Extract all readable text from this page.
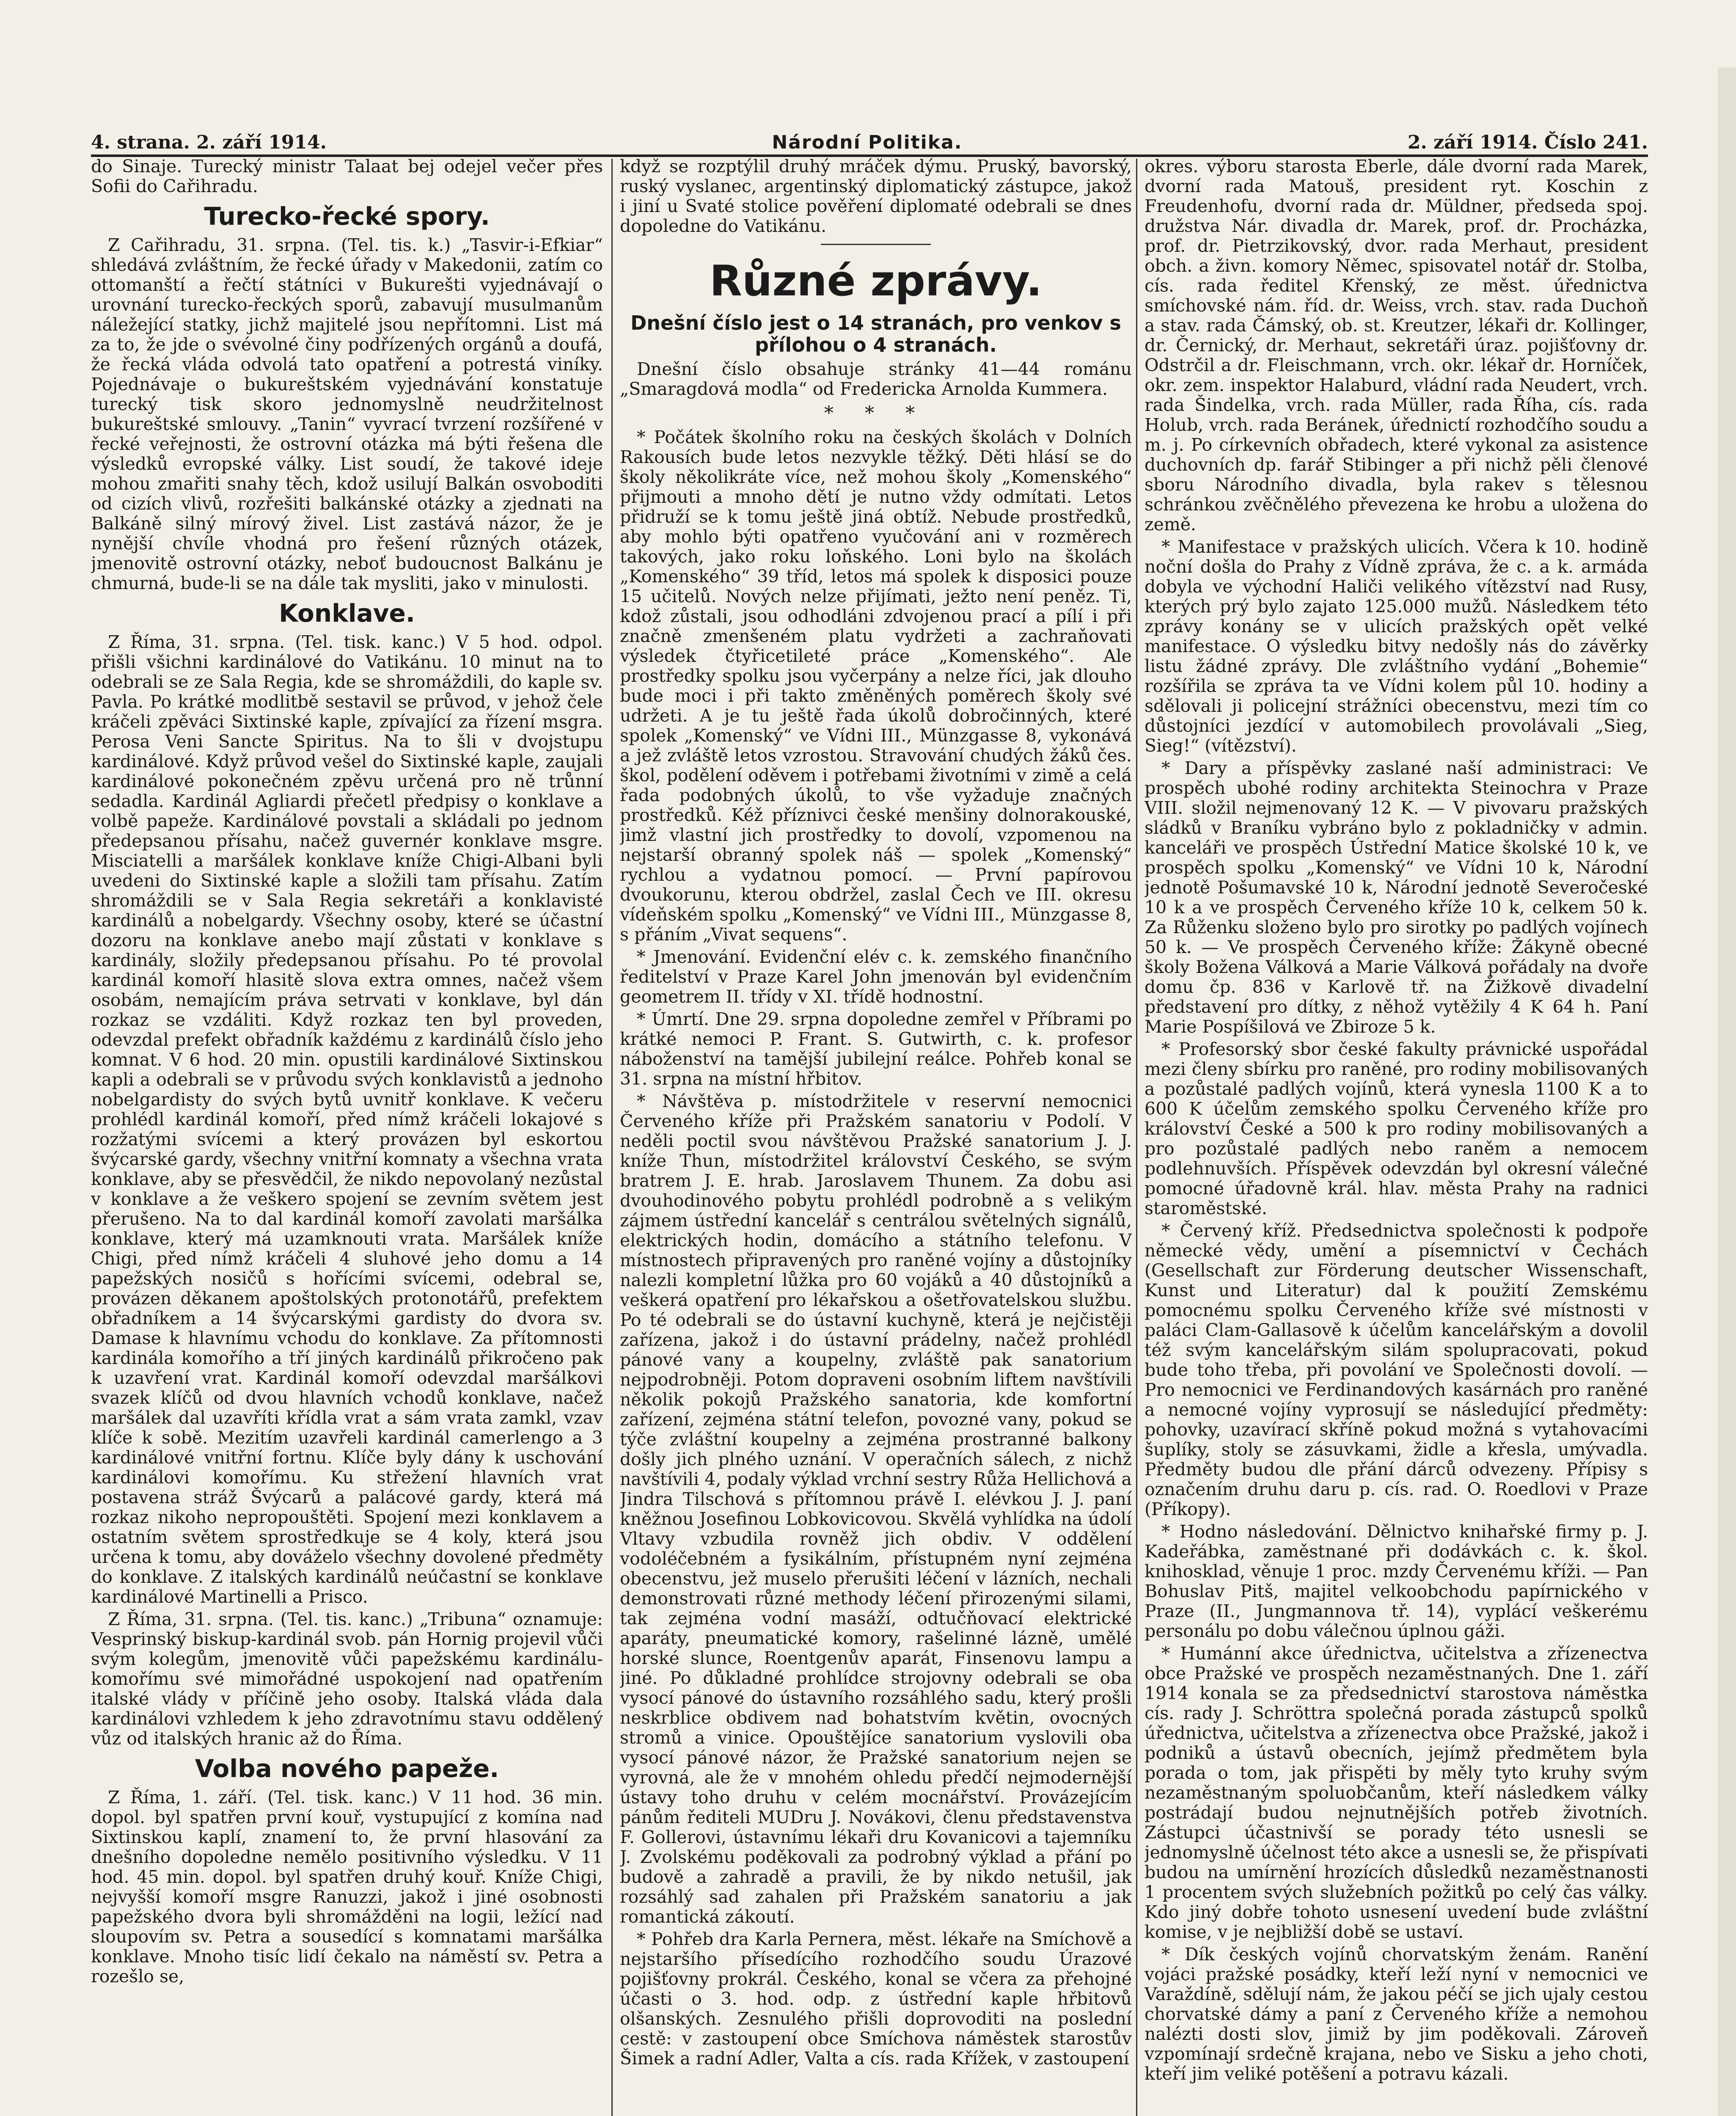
4. strana. 2. září 1914.	Národní Politika.	2. září 1914. Číslo 241.

do Sinaje. Turecký ministr Talaat bej odejel večer přes Sofii do Cařihradu.

Turecko-řecké spory.

Z Cařihradu, 31. srpna. (Tel. tis. k.) „Tasvir-i-Efkiar“ shledává zvláštním, že řecké úřady v Makedonii, zatím co ottomanští a řečtí státníci v Bukurešti vyjednávají o urovnání turecko-řeckých sporů, zabavují musulmanům náležející statky, jichž majitelé jsou nepřítomni. List má za to, že jde o svévolné činy podřízených orgánů a doufá, že řecká vláda odvolá tato opatření a potrestá viníky. Pojednávaje o bukureštském vyjednávání konstatuje turecký tisk skoro jednomyslně neudržitelnost bukureštské smlouvy. „Tanin“ vyvrací tvrzení rozšířené v řecké veřejnosti, že ostrovní otázka má býti řešena dle výsledků evropské války. List soudí, že takové ideje mohou zmařiti snahy těch, kdož usilují Balkán osvoboditi od cizích vlivů, rozřešiti balkánské otázky a zjednati na Balkáně silný mírový živel. List zastává názor, že je nynější chvíle vhodná pro řešení různých otázek, jmenovitě ostrovní otázky, neboť budoucnost Balkánu je chmurná, bude-li se na dále tak mysliti, jako v minulosti.

Konklave.

Z Říma, 31. srpna. (Tel. tisk. kanc.) V 5 hod. odpol. přišli všichni kardinálové do Vatikánu. 10 minut na to odebrali se ze Sala Regia, kde se shromáždili, do kaple sv. Pavla. Po krátké modlitbě sestavil se průvod, v jehož čele kráčeli zpěváci Sixtinské kaple, zpívající za řízení msgra. Perosa Veni Sancte Spiritus. Na to šli v dvojstupu kardinálové. Když průvod vešel do Sixtinské kaple, zaujali kardinálové pokonečném zpěvu určená pro ně trůnní sedadla. Kardinál Agliardi přečetl předpisy o konklave a volbě papeže. Kardinálové povstali a skládali po jednom předepsanou přísahu, načež guvernér konklave msgre. Misciatelli a maršálek konklave kníže Chigi-Albani byli uvedeni do Sixtinské kaple a složili tam přísahu. Zatím shromáždili se v Sala Regia sekretáři a konklavisté kardinálů a nobelgardy. Všechny osoby, které se účastní dozoru na konklave anebo mají zůstati v konklave s kardinály, složily předepsanou přísahu. Po té provolal kardinál komoří hlasitě slova extra omnes, načež všem osobám, nemajícím práva setrvati v konklave, byl dán rozkaz se vzdáliti. Když rozkaz ten byl proveden, odevzdal prefekt obřadník každému z kardinálů číslo jeho komnat. V 6 hod. 20 min. opustili kardinálové Sixtinskou kapli a odebrali se v průvodu svých konklavistů a jednoho nobelgardisty do svých bytů uvnitř konklave. K večeru prohlédl kardinál komoří, před nímž kráčeli lokajové s rozžatými svícemi a který provázen byl eskortou švýcarské gardy, všechny vnitřní komnaty a všechna vrata konklave, aby se přesvědčil, že nikdo nepovolaný nezůstal v konklave a že veškero spojení se zevním světem jest přerušeno. Na to dal kardinál komoří zavolati maršálka konklave, který má uzamknouti vrata. Maršálek kníže Chigi, před nímž kráčeli 4 sluhové jeho domu a 14 papežských nosičů s hořícími svícemi, odebral se, provázen děkanem apoštolských protonotářů, prefektem obřadníkem a 14 švýcarskými gardisty do dvora sv. Damase k hlavnímu vchodu do konklave. Za přítomnosti kardinála komořího a tří jiných kardinálů přikročeno pak k uzavření vrat. Kardinál komoří odevzdal maršálkovi svazek klíčů od dvou hlavních vchodů konklave, načež maršálek dal uzavříti křídla vrat a sám vrata zamkl, vzav klíče k sobě. Mezitím uzavřeli kardinál camerlengo a 3 kardinálové vnitřní fortnu. Klíče byly dány k uschování kardinálovi komořímu. Ku střežení hlavních vrat postavena stráž Švýcarů a palácové gardy, která má rozkaz nikoho nepropouštěti. Spojení mezi konklavem a ostatním světem sprostředkuje se 4 koly, která jsou určena k tomu, aby dováželo všechny dovolené předměty do konklave. Z italských kardinálů neúčastní se konklave kardinálové Martinelli a Prisco.

Z Říma, 31. srpna. (Tel. tis. kanc.) „Tribuna“ oznamuje: Vesprinský biskup-kardinál svob. pán Hornig projevil vůči svým kolegům, jmenovitě vůči papežskému kardinálu-komořímu své mimořádné uspokojení nad opatřením italské vlády v příčině jeho osoby. Italská vláda dala kardinálovi vzhledem k jeho zdravotnímu stavu oddělený vůz od italských hranic až do Říma.

Volba nového papeže.

Z Říma, 1. září. (Tel. tisk. kanc.) V 11 hod. 36 min. dopol. byl spatřen první kouř, vystupující z komína nad Sixtinskou kaplí, znamení to, že první hlasování za dnešního dopoledne nemělo positivního výsledku. V 11 hod. 45 min. dopol. byl spatřen druhý kouř. Kníže Chigi, nejvyšší komoří msgre Ranuzzi, jakož i jiné osobnosti papežského dvora byli shromážděni na logii, ležící nad sloupovím sv. Petra a sousedící s komnatami maršálka konklave. Mnoho tisíc lidí čekalo na náměstí sv. Petra a rozešlo se,

když se rozptýlil druhý mráček dýmu. Pruský, bavorský, ruský vyslanec, argentinský diplomatický zástupce, jakož i jiní u Svaté stolice pověření diplomaté odebrali se dnes dopoledne do Vatikánu.

Různé zprávy.
Dnešní číslo jest o 14 stranách, pro venkov s přílohou o 4 stranách.

Dnešní číslo obsahuje stránky 41—44 románu „Smaragdová modla“ od Fredericka Arnolda Kummera.

* * *

* Počátek školního roku na českých školách v Dolních Rakousích bude letos nezvykle těžký. Děti hlásí se do školy několikráte více, než mohou školy „Komenského“ přijmouti a mnoho dětí je nutno vždy odmítati. Letos přidruží se k tomu ještě jiná obtíž. Nebude prostředků, aby mohlo býti opatřeno vyučování ani v rozměrech takových, jako roku loňského. Loni bylo na školách „Komenského“ 39 tříd, letos má spolek k disposici pouze 15 učitelů. Nových nelze přijímati, ježto není peněz. Ti, kdož zůstali, jsou odhodláni zdvojenou prací a pílí i při značně zmenšeném platu vydržeti a zachraňovati výsledek čtyřicetileté práce „Komenského“. Ale prostředky spolku jsou vyčerpány a nelze říci, jak dlouho bude moci i při takto změněných poměrech školy své udržeti. A je tu ještě řada úkolů dobročinných, které spolek „Komenský“ ve Vídni III., Münzgasse 8, vykonává a jež zvláště letos vzrostou. Stravování chudých žáků čes. škol, podělení oděvem i potřebami životními v zimě a celá řada podobných úkolů, to vše vyžaduje značných prostředků. Kéž příznivci české menšiny dolnorakouské, jimž vlastní jich prostředky to dovolí, vzpomenou na nejstarší obranný spolek náš — spolek „Komenský“ rychlou a vydatnou pomocí. — První papírovou dvoukorunu, kterou obdržel, zaslal Čech ve III. okresu vídeňském spolku „Komenský“ ve Vídni III., Münzgasse 8, s přáním „Vivat sequens“.

* Jmenování. Evidenční elév c. k. zemského finančního ředitelství v Praze Karel John jmenován byl evidenčním geometrem II. třídy v XI. třídě hodnostní.

* Úmrtí. Dne 29. srpna dopoledne zemřel v Příbrami po krátké nemoci P. Frant. S. Gutwirth, c. k. profesor náboženství na tamější jubilejní reálce. Pohřeb konal se 31. srpna na místní hřbitov.

* Návštěva p. místodržitele v reservní nemocnici Červeného kříže při Pražském sanatoriu v Podolí. V neděli poctil svou návštěvou Pražské sanatorium J. J. kníže Thun, místodržitel království Českého, se svým bratrem J. E. hrab. Jaroslavem Thunem. Za dobu asi dvouhodinového pobytu prohlédl podrobně a s velikým zájmem ústřední kancelář s centrálou světelných signálů, elektrických hodin, domácího a státního telefonu. V místnostech připravených pro raněné vojíny a důstojníky nalezli kompletní lůžka pro 60 vojáků a 40 důstojníků a veškerá opatření pro lékařskou a ošetřovatelskou službu. Po té odebrali se do ústavní kuchyně, která je nejčistěji zařízena, jakož i do ústavní prádelny, načež prohlédl pánové vany a koupelny, zvláště pak sanatorium nejpodrobněji. Potom dopraveni osobním liftem navštívili několik pokojů Pražského sanatoria, kde komfortní zařízení, zejména státní telefon, povozné vany, pokud se týče zvláštní koupelny a zejména prostranné balkony došly jich plného uznání. V operačních sálech, z nichž navštívili 4, podaly výklad vrchní sestry Růža Hellichová a Jindra Tilschová s přítomnou právě I. elévkou J. J. paní kněžnou Josefinou Lobkovicovou. Skvělá vyhlídka na údolí Vltavy vzbudila rovněž jich obdiv. V oddělení vodoléčebném a fysikálním, přístupném nyní zejména obecenstvu, jež muselo přerušiti léčení v lázních, nechali demonstrovati různé methody léčení přirozenými silami, tak zejména vodní masáží, odtučňovací elektrické aparáty, pneumatické komory, rašelinné lázně, umělé horské slunce, Roentgenův aparát, Finsenovu lampu a jiné. Po důkladné prohlídce strojovny odebrali se oba vysocí pánové do ústavního rozsáhlého sadu, který prošli neskrblice obdivem nad bohatstvím květin, ovocných stromů a vinice. Opouštějíce sanatorium vyslovili oba vysocí pánové názor, že Pražské sanatorium nejen se vyrovná, ale že v mnohém ohledu předčí nejmodernější ústavy toho druhu v celém mocnářství. Provázejícím pánům řediteli MUDru J. Novákovi, členu představenstva F. Gollerovi, ústavnímu lékaři dru Kovanicovi a tajemníku J. Zvolskému poděkovali za podrobný výklad a přání po budově a zahradě a pravili, že by nikdo netušil, jak rozsáhlý sad zahalen při Pražském sanatoriu a jak romantická zákoutí.

* Pohřeb dra Karla Pernera, měst. lékaře na Smíchově a nejstaršího přísedícího rozhodčího soudu Úrazové pojišťovny prokrál. Českého, konal se včera za přehojné účasti o 3. hod. odp. z ústřední kaple hřbitovů olšanských. Zesnulého přišli doprovoditi na poslední cestě: v zastoupení obce Smíchova náměstek starostův Šimek a radní Adler, Valta a cís. rada Křížek, v zastoupení

okres. výboru starosta Eberle, dále dvorní rada Marek, dvorní rada Matouš, president ryt. Koschin z Freudenhofu, dvorní rada dr. Müldner, předseda spoj. družstva Nár. divadla dr. Marek, prof. dr. Procházka, prof. dr. Pietrzikovský, dvor. rada Merhaut, president obch. a živn. komory Němec, spisovatel notář dr. Stolba, cís. rada ředitel Křenský, ze měst. úřednictva smíchovské nám. říd. dr. Weiss, vrch. stav. rada Duchoň a stav. rada Čámský, ob. st. Kreutzer, lékaři dr. Kollinger, dr. Černický, dr. Merhaut, sekretáři úraz. pojišťovny dr. Odstrčil a dr. Fleischmann, vrch. okr. lékař dr. Horníček, okr. zem. inspektor Halaburd, vládní rada Neudert, vrch. rada Šindelka, vrch. rada Müller, rada Říha, cís. rada Holub, vrch. rada Beránek, úřednictí rozhodčího soudu a m. j. Po církevních obřadech, které vykonal za asistence duchovních dp. farář Stibinger a při nichž pěli členové sboru Národního divadla, byla rakev s tělesnou schránkou zvěčnělého převezena ke hrobu a uložena do země.

* Manifestace v pražských ulicích. Včera k 10. hodině noční došla do Prahy z Vídně zpráva, že c. a k. armáda dobyla ve východní Haliči velikého vítězství nad Rusy, kterých prý bylo zajato 125.000 mužů. Následkem této zprávy konány se v ulicích pražských opět velké manifestace. O výsledku bitvy nedošly nás do závěrky listu žádné zprávy. Dle zvláštního vydání „Bohemie“ rozšířila se zpráva ta ve Vídni kolem půl 10. hodiny a sdělovali ji policejní strážníci obecenstvu, mezi tím co důstojníci jezdící v automobilech provolávali „Sieg, Sieg!“ (vítězství).

* Dary a příspěvky zaslané naší administraci: Ve prospěch ubohé rodiny architekta Steinochra v Praze VIII. složil nejmenovaný 12 K. — V pivovaru pražských sládků v Braníku vybráno bylo z pokladničky v admin. kanceláři ve prospěch Ústřední Matice školské 10 k, ve prospěch spolku „Komenský“ ve Vídni 10 k, Národní jednotě Pošumavské 10 k, Národní jednotě Severočeské 10 k a ve prospěch Červeného kříže 10 k, celkem 50 k. Za Růženku složeno bylo pro sirotky po padlých vojínech 50 k. — Ve prospěch Červeného kříže: Žákyně obecné školy Božena Válková a Marie Válková pořádaly na dvoře domu čp. 836 v Karlově tř. na Žižkově divadelní představení pro dítky, z něhož vytěžily 4 K 64 h. Paní Marie Pospíšilová ve Zbiroze 5 k.

* Profesorský sbor české fakulty právnické uspořádal mezi členy sbírku pro raněné, pro rodiny mobilisovaných a pozůstalé padlých vojínů, která vynesla 1100 K a to 600 K účelům zemského spolku Červeného kříže pro království České a 500 k pro rodiny mobilisovaných a pro pozůstalé padlých nebo raněm a nemocem podlehnuvších. Příspěvek odevzdán byl okresní válečné pomocné úřadovně král. hlav. města Prahy na radnici staroměstské.

* Červený kříž. Předsednictva společnosti k podpoře německé vědy, umění a písemnictví v Čechách (Gesellschaft zur Förderung deutscher Wissenschaft, Kunst und Literatur) dal k použití Zemskému pomocnému spolku Červeného kříže své místnosti v paláci Clam-Gallasově k účelům kancelářským a dovolil též svým kancelářským silám spolupracovati, pokud bude toho třeba, při povolání ve Společnosti dovolí. — Pro nemocnici ve Ferdinandových kasárnách pro raněné a nemocné vojíny vyprosují se následující předměty: pohovky, uzavírací skříně pokud možná s vytahovacími šuplíky, stoly se zásuvkami, židle a křesla, umývadla. Předměty budou dle přání dárců odvezeny. Přípisy s označením druhu daru p. cís. rad. O. Roedlovi v Praze (Příkopy).

* Hodno následování. Dělnictvo knihařské firmy p. J. Kadeřábka, zaměstnané při dodávkách c. k. škol. knihosklad, věnuje 1 proc. mzdy Červenému kříži. — Pan Bohuslav Pitš, majitel velkoobchodu papírnického v Praze (II., Jungmannova tř. 14), vyplácí veškerému personálu po dobu válečnou úplnou gáži.

* Humánní akce úřednictva, učitelstva a zřízenectva obce Pražské ve prospěch nezaměstnaných. Dne 1. září 1914 konala se za předsednictví starostova náměstka cís. rady J. Schröttra společná porada zástupců spolků úřednictva, učitelstva a zřízenectva obce Pražské, jakož i podniků a ústavů obecních, jejímž předmětem byla porada o tom, jak přispěti by měly tyto kruhy svým nezaměstnaným spoluobčanům, kteří následkem války postrádají budou nejnutnějších potřeb životních. Zástupci účastnivší se porady této usnesli se jednomyslně účelnost této akce a usnesli se, že přispívati budou na umírnění hrozících důsledků nezaměstnanosti 1 procentem svých služebních požitků po celý čas války. Kdo jiný dobře tohoto usnesení uvedení bude zvláštní komise, v je nejbližší době se ustaví.

* Dík českých vojínů chorvatským ženám. Ranění vojáci pražské posádky, kteří leží nyní v nemocnici ve Varaždíně, sdělují nám, že jakou péčí se jich ujaly cestou chorvatské dámy a paní z Červeného kříže a nemohou nalézti dosti slov, jimiž by jim poděkovali. Zároveň vzpomínají srdečně krajana, nebo ve Sisku a jeho choti, kteří jim veliké potěšení a potravu kázali.
